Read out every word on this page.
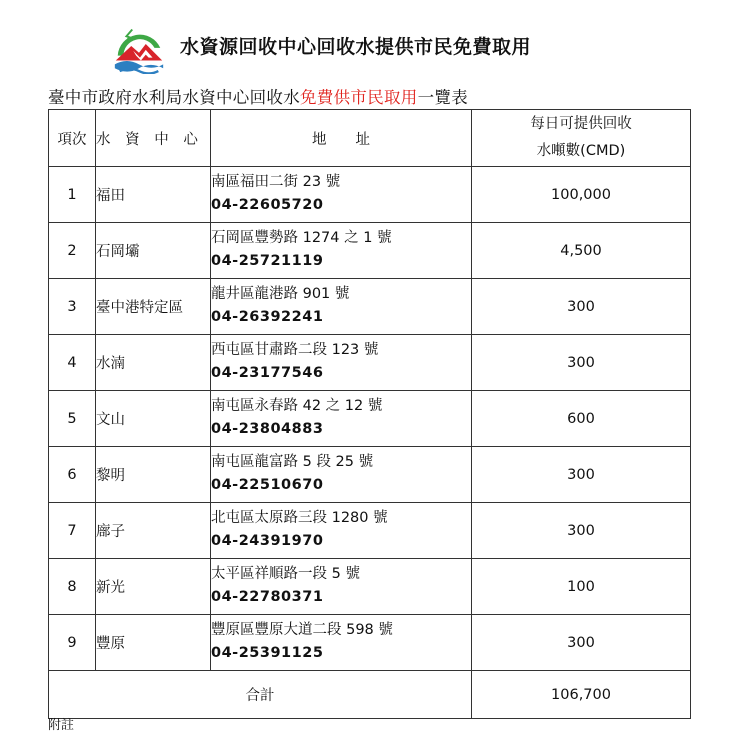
水資源回收中心回收水提供市民免費取用
臺中市政府水利局水資中心回收水免費供市民取用一覽表
項次	水 資 中 心	地　　址	每日可提供回收
水噸數(CMD)

1	福田	南區福田二街 23 號
04-22605720	100,000
2	石岡壩	石岡區豐勢路 1274 之 1 號
04-25721119	4,500
3	臺中港特定區	龍井區龍港路 901 號
04-26392241	300
4	水湳	西屯區甘肅路二段 123 號
04-23177546	300
5	文山	南屯區永春路 42 之 12 號
04-23804883	600
6	黎明	南屯區龍富路 5 段 25 號
04-22510670	300
7	廍子	北屯區太原路三段 1280 號
04-24391970	300
8	新光	太平區祥順路一段 5 號
04-22780371	100
9	豐原	豐原區豐原大道二段 598 號
04-25391125	300
合計			106,700
附註
